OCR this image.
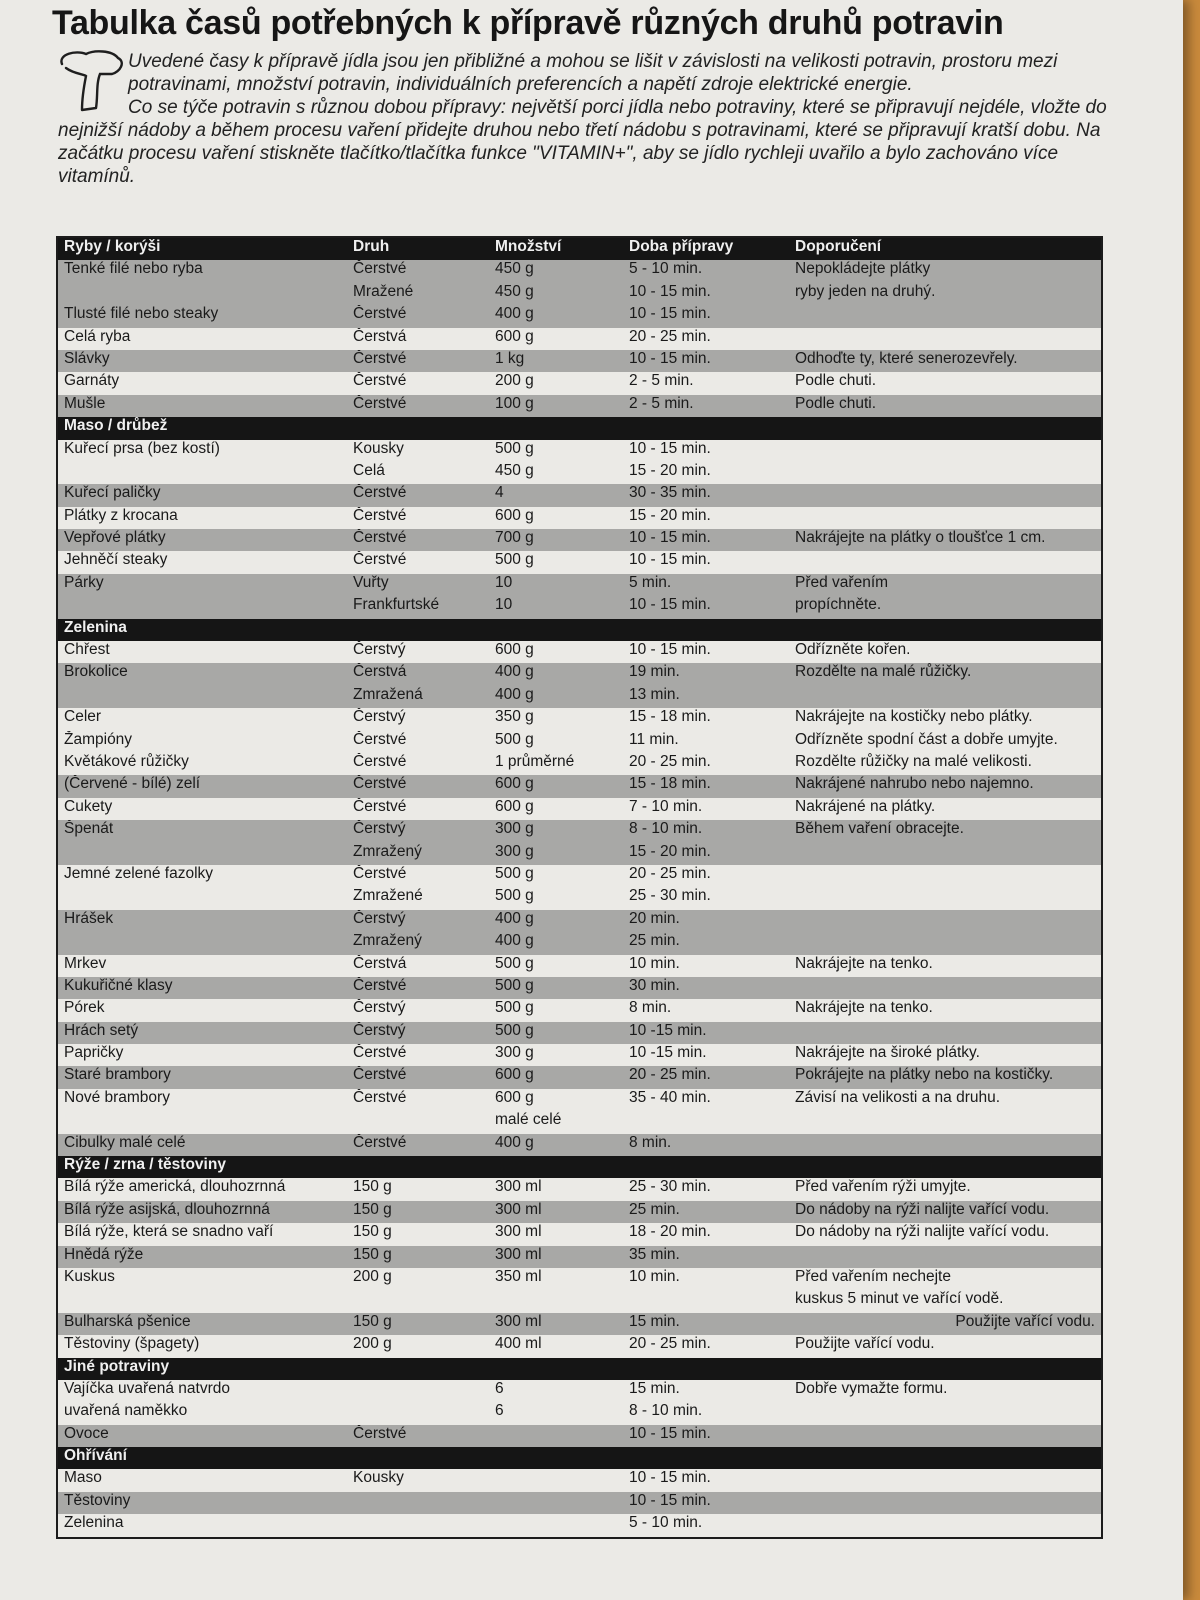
Tabulka časů potřebných k přípravě různých druhů potravin

Uvedené časy k přípravě jídla jsou jen přibližné a mohou se lišit v závislosti na velikosti potravin, prostoru mezi potravinami, množství potravin, individuálních preferencích a napětí zdroje elektrické energie.

Co se týče potravin s různou dobou přípravy: největší porci jídla nebo potraviny, které se připravují nejdéle, vložte do nejnižší nádoby a během procesu vaření přidejte druhou nebo třetí nádobu s potravinami, které se připravují kratší dobu. Na začátku procesu vaření stiskněte tlačítko/tlačítka funkce "VITAMIN+", aby se jídlo rychleji uvařilo a bylo zachováno více vitamínů.

Ryby / korýši	Druh	Množství	Doba přípravy	Doporučení
Tenké filé nebo ryba	Čerstvé	450 g	5 - 10 min.	Nepokládejte plátky
	Mražené	450 g	10 - 15 min.	ryby jeden na druhý.
Tlusté filé nebo steaky	Čerstvé	400 g	10 - 15 min.	
Celá ryba	Čerstvá	600 g	20 - 25 min.	
Slávky	Čerstvé	1 kg	10 - 15 min.	Odhoďte ty, které senerozevřely.
Garnáty	Čerstvé	200 g	2 - 5 min.	Podle chuti.
Mušle	Čerstvé	100 g	2 - 5 min.	Podle chuti.
Maso / drůbež				
Kuřecí prsa (bez kostí)	Kousky	500 g	10 - 15 min.	
	Celá	450 g	15 - 20 min.	
Kuřecí paličky	Čerstvé	4	30 - 35 min.	
Plátky z krocana	Čerstvé	600 g	15 - 20 min.	
Vepřové plátky	Čerstvé	700 g	10 - 15 min.	Nakrájejte na plátky o tloušťce 1 cm.
Jehněčí steaky	Čerstvé	500 g	10 - 15 min.	
Párky	Vuřty	10	5 min.	Před vařením
	Frankfurtské	10	10 - 15 min.	propíchněte.
Zelenina				
Chřest	Čerstvý	600 g	10 - 15 min.	Odřízněte kořen.
Brokolice	Čerstvá	400 g	19 min.	Rozdělte na malé růžičky.
	Zmražená	400 g	13 min.	
Celer	Čerstvý	350 g	15 - 18 min.	Nakrájejte na kostičky nebo plátky.
Žampióny	Čerstvé	500 g	11 min.	Odřízněte spodní část a dobře umyjte.
Květákové růžičky	Čerstvé	1 průměrné	20 - 25 min.	Rozdělte růžičky na malé velikosti.
(Červené - bílé) zelí	Čerstvé	600 g	15 - 18 min.	Nakrájené nahrubo nebo najemno.
Cukety	Čerstvé	600 g	7 - 10 min.	Nakrájené na plátky.
Špenát	Čerstvý	300 g	8 - 10 min.	Během vaření obracejte.
	Zmražený	300 g	15 - 20 min.	
Jemné zelené fazolky	Čerstvé	500 g	20 - 25 min.	
	Zmražené	500 g	25 - 30 min.	
Hrášek	Čerstvý	400 g	20 min.	
	Zmražený	400 g	25 min.	
Mrkev	Čerstvá	500 g	10 min.	Nakrájejte na tenko.
Kukuřičné klasy	Čerstvé	500 g	30 min.	
Pórek	Čerstvý	500 g	8 min.	Nakrájejte na tenko.
Hrách setý	Čerstvý	500 g	10 -15 min.	
Papričky	Čerstvé	300 g	10 -15 min.	Nakrájejte na široké plátky.
Staré brambory	Čerstvé	600 g	20 - 25 min.	Pokrájejte na plátky nebo na kostičky.
Nové brambory	Čerstvé	600 g	35 - 40 min.	Závisí na velikosti a na druhu.
		malé celé		
Cibulky malé celé	Čerstvé	400 g	8 min.	
Rýže / zrna / těstoviny				
Bílá rýže americká, dlouhozrnná	150 g	300 ml	25 - 30 min.	Před vařením rýži umyjte.
Bílá rýže asijská, dlouhozrnná	150 g	300 ml	25 min.	Do nádoby na rýži nalijte vařící vodu.
Bílá rýže, která se snadno vaří	150 g	300 ml	18 - 20 min.	Do nádoby na rýži nalijte vařící vodu.
Hnědá rýže	150 g	300 ml	35 min.	
Kuskus	200 g	350 ml	10 min.	Před vařením nechejte
				kuskus 5 minut ve vařící vodě.
Bulharská pšenice	150 g	300 ml	15 min.	Použijte vařící vodu.
Těstoviny (špagety)	200 g	400 ml	20 - 25 min.	Použijte vařící vodu.
Jiné potraviny				
Vajíčka uvařená natvrdo		6	15 min.	Dobře vymažte formu.
uvařená naměkko		6	8 - 10 min.	
Ovoce	Čerstvé		10 - 15 min.	
Ohřívání				
Maso	Kousky		10 - 15 min.	
Těstoviny			10 - 15 min.	
Zelenina			5 - 10 min.	
